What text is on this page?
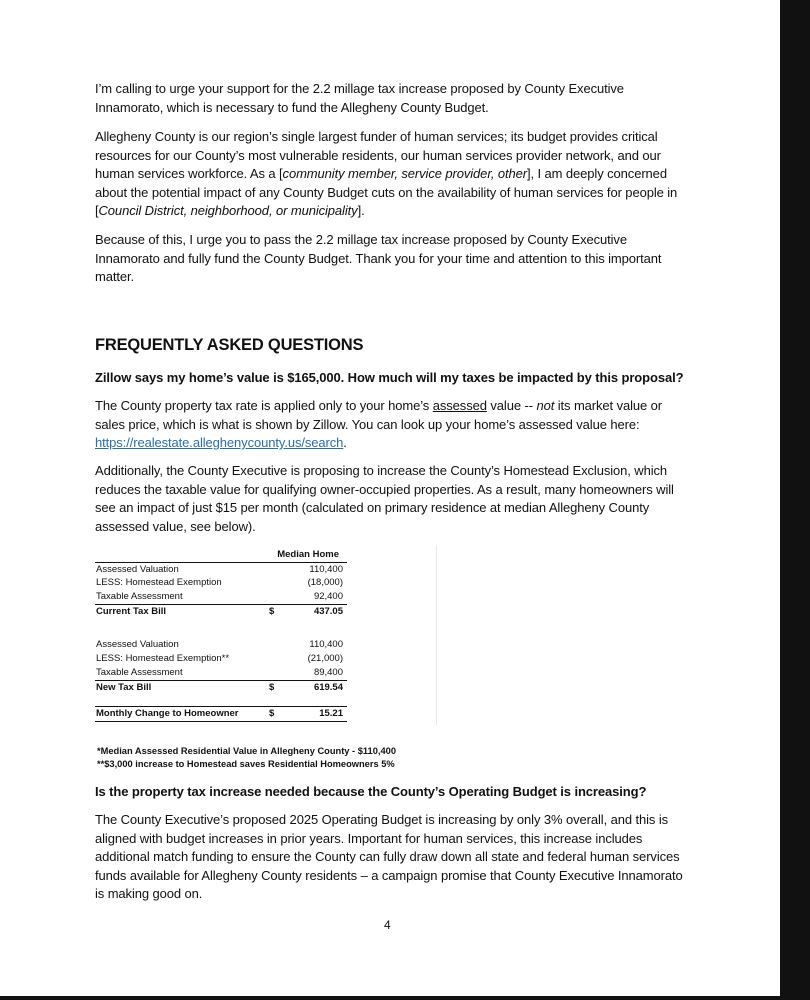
I’m calling to urge your support for the 2.2 millage tax increase proposed by County Executive Innamorato, which is necessary to fund the Allegheny County Budget.

Allegheny County is our region’s single largest funder of human services; its budget provides critical resources for our County’s most vulnerable residents, our human services provider network, and our human services workforce. As a [community member, service provider, other], I am deeply concerned about the potential impact of any County Budget cuts on the availability of human services for people in [Council District, neighborhood, or municipality].

Because of this, I urge you to pass the 2.2 millage tax increase proposed by County Executive Innamorato and fully fund the County Budget. Thank you for your time and attention to this important matter.

FREQUENTLY ASKED QUESTIONS
Zillow says my home’s value is $165,000. How much will my taxes be impacted by this proposal?

The County property tax rate is applied only to your home’s assessed value -- not its market value or sales price, which is what is shown by Zillow. You can look up your home’s assessed value here: https://realestate.alleghenycounty.us/search.

Additionally, the County Executive is proposing to increase the County’s Homestead Exclusion, which reduces the taxable value for qualifying owner-occupied properties. As a result, many homeowners will see an impact of just $15 per month (calculated on primary residence at median Allegheny County assessed value, see below).

Is the property tax increase needed because the County’s Operating Budget is increasing?

The County Executive’s proposed 2025 Operating Budget is increasing by only 3% overall, and this is aligned with budget increases in prior years. Important for human services, this increase includes additional match funding to ensure the County can fully draw down all state and federal human services funds available for Allegheny County residents – a campaign promise that County Executive Innamorato is making good on.

Median Home
Assessed Valuation	110,400
LESS: Homestead Exemption	(18,000)
Taxable Assessment	92,400
Current Tax Bill	$	437.05
Assessed Valuation	110,400
LESS: Homestead Exemption**	(21,000)
Taxable Assessment	89,400
New Tax Bill	$	619.54
Monthly Change to Homeowner	$	15.21
*Median Assessed Residential Value in Allegheny County - $110,400
**$3,000 increase to Homestead saves Residential Homeowners 5%
4
